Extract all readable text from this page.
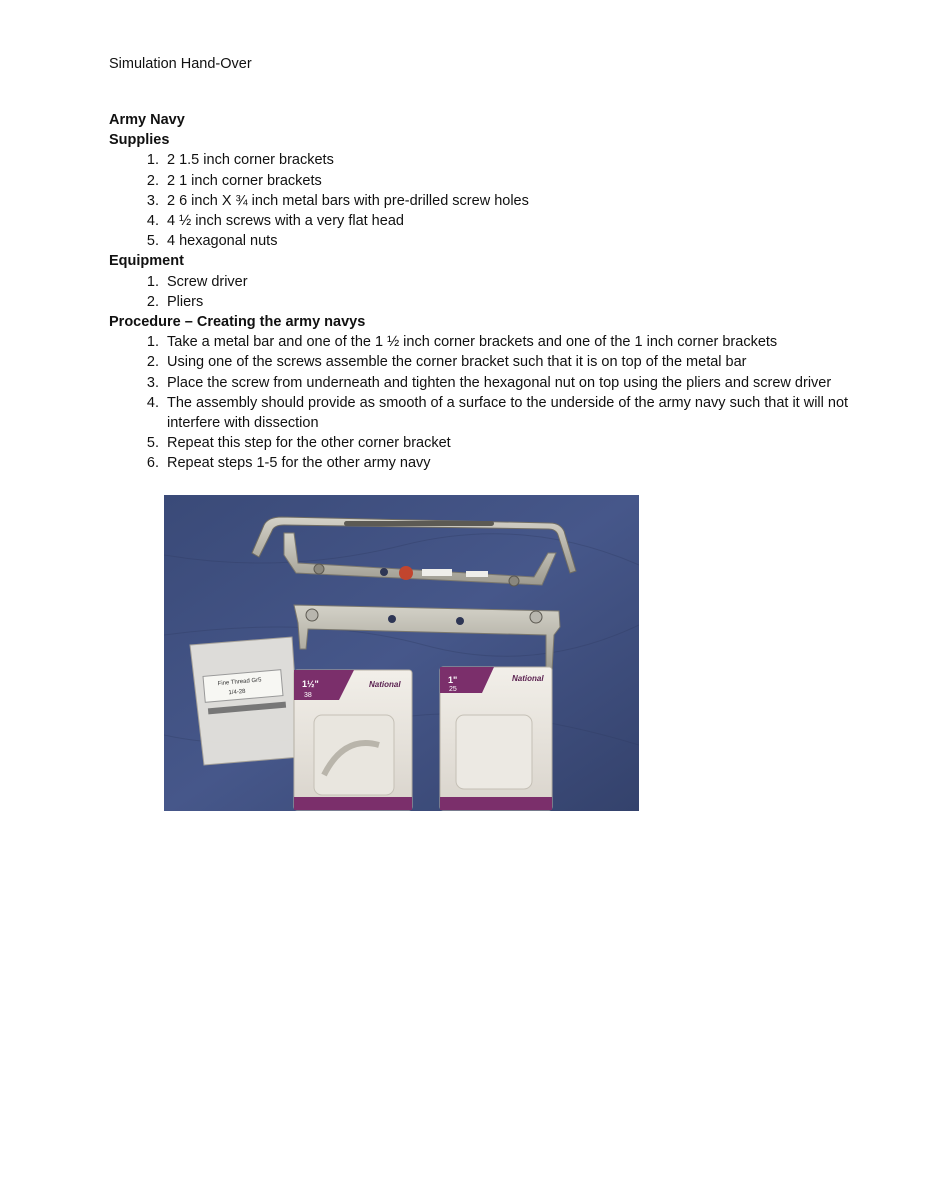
Simulation Hand-Over
Army Navy
Supplies
1. 2 1.5 inch corner brackets
2. 2 1 inch corner brackets
3. 2 6 inch X ¾ inch metal bars with pre-drilled screw holes
4. 4 ½ inch screws with a very flat head
5. 4 hexagonal nuts
Equipment
1. Screw driver
2. Pliers
Procedure – Creating the army navys
1. Take a metal bar and one of the 1 ½ inch corner brackets and one of the 1 inch corner brackets
2. Using one of the screws assemble the corner bracket such that it is on top of the metal bar
3. Place the screw from underneath and tighten the hexagonal nut on top using the pliers and screw driver
4. The assembly should provide as smooth of a surface to the underside of the army navy such that it will not interfere with dissection
5. Repeat this step for the other corner bracket
6. Repeat steps 1-5 for the other army navy
Fine Thread Gr5
1/4-28
1½"
38
National	1"
25
National
